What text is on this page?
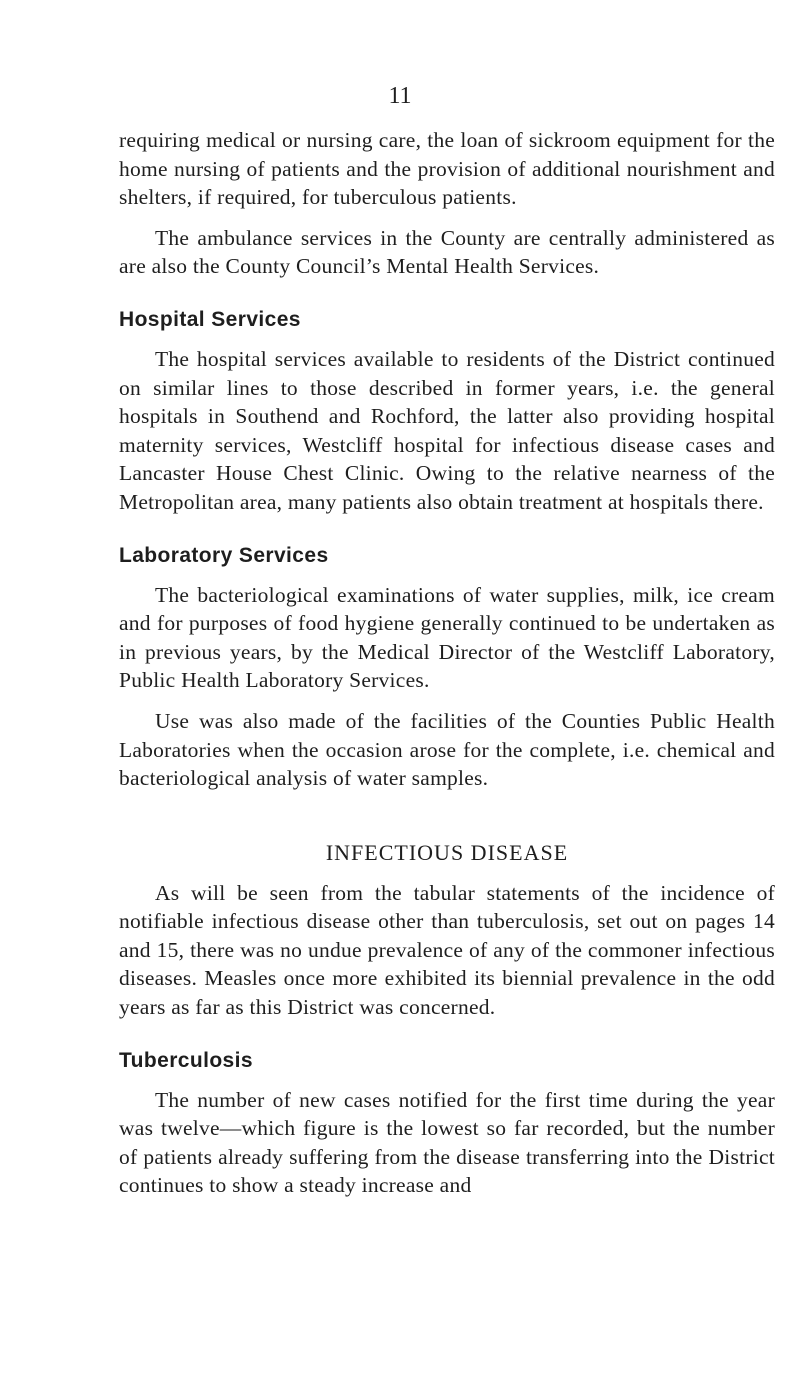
11

requiring medical or nursing care, the loan of sickroom equipment for the home nursing of patients and the provision of additional nourishment and shelters, if required, for tuberculous patients.

The ambulance services in the County are centrally administered as are also the County Council’s Mental Health Services.

Hospital Services

The hospital services available to residents of the District continued on similar lines to those described in former years, i.e. the general hospitals in Southend and Rochford, the latter also providing hospital maternity services, Westcliff hospital for infectious disease cases and Lancaster House Chest Clinic. Owing to the relative nearness of the Metropolitan area, many patients also obtain treatment at hospitals there.

Laboratory Services

The bacteriological examinations of water supplies, milk, ice cream and for purposes of food hygiene generally continued to be undertaken as in previous years, by the Medical Director of the Westcliff Laboratory, Public Health Laboratory Services.

Use was also made of the facilities of the Counties Public Health Laboratories when the occasion arose for the complete, i.e. chemical and bacteriological analysis of water samples.

INFECTIOUS DISEASE

As will be seen from the tabular statements of the incidence of notifiable infectious disease other than tuberculosis, set out on pages 14 and 15, there was no undue prevalence of any of the commoner infectious diseases. Measles once more exhibited its biennial prevalence in the odd years as far as this District was concerned.

Tuberculosis

The number of new cases notified for the first time during the year was twelve—which figure is the lowest so far recorded, but the number of patients already suffering from the disease transferring into the District continues to show a steady increase and
